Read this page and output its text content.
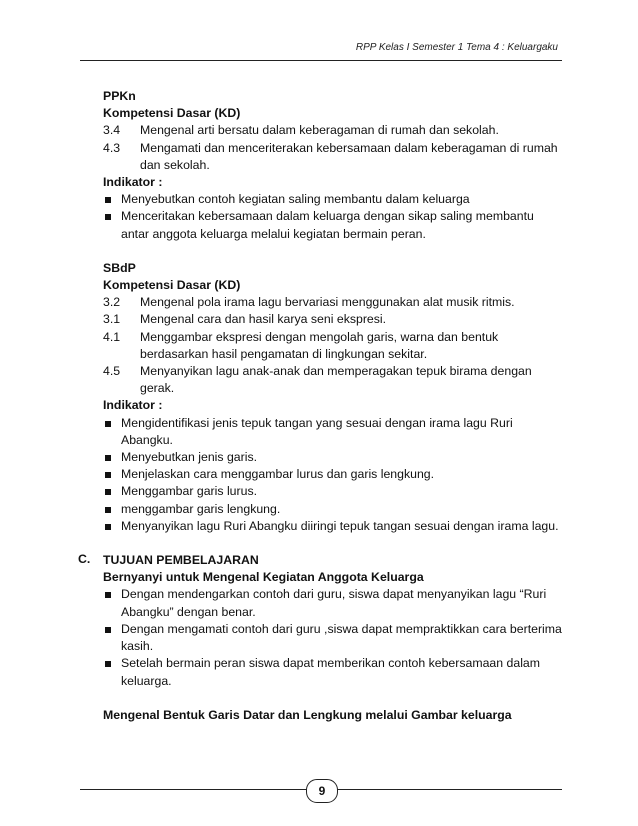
RPP Kelas I Semester 1 Tema 4 : Keluargaku
PPKn
Kompetensi Dasar (KD)
3.4	Mengenal arti bersatu dalam keberagaman di rumah dan sekolah.
4.3	Mengamati dan menceriterakan kebersamaan dalam keberagaman di rumah dan sekolah.
Indikator :
Menyebutkan contoh kegiatan saling membantu dalam keluarga
Menceritakan kebersamaan dalam keluarga dengan sikap saling membantu antar anggota keluarga melalui kegiatan bermain peran.
SBdP
Kompetensi Dasar (KD)
3.2	Mengenal pola irama lagu bervariasi menggunakan alat musik ritmis.
3.1	Mengenal cara dan hasil karya seni ekspresi.
4.1	Menggambar ekspresi dengan mengolah garis, warna dan bentuk berdasarkan hasil pengamatan di lingkungan sekitar.
4.5	Menyanyikan lagu anak-anak dan memperagakan tepuk birama dengan gerak.
Indikator :
Mengidentifikasi jenis tepuk tangan yang sesuai dengan irama lagu Ruri Abangku.
Menyebutkan jenis garis.
Menjelaskan cara menggambar lurus dan garis lengkung.
Menggambar garis lurus.
menggambar garis lengkung.
Menyanyikan lagu Ruri Abangku diiringi tepuk tangan sesuai dengan irama lagu.
C. TUJUAN PEMBELAJARAN
Bernyanyi untuk Mengenal Kegiatan Anggota Keluarga
Dengan mendengarkan contoh dari guru, siswa dapat menyanyikan lagu “Ruri Abangku” dengan benar.
Dengan mengamati contoh dari guru ,siswa dapat mempraktikkan cara berterima kasih.
Setelah bermain peran siswa dapat memberikan contoh kebersamaan dalam keluarga.
Mengenal Bentuk Garis Datar dan Lengkung melalui Gambar keluarga
9
